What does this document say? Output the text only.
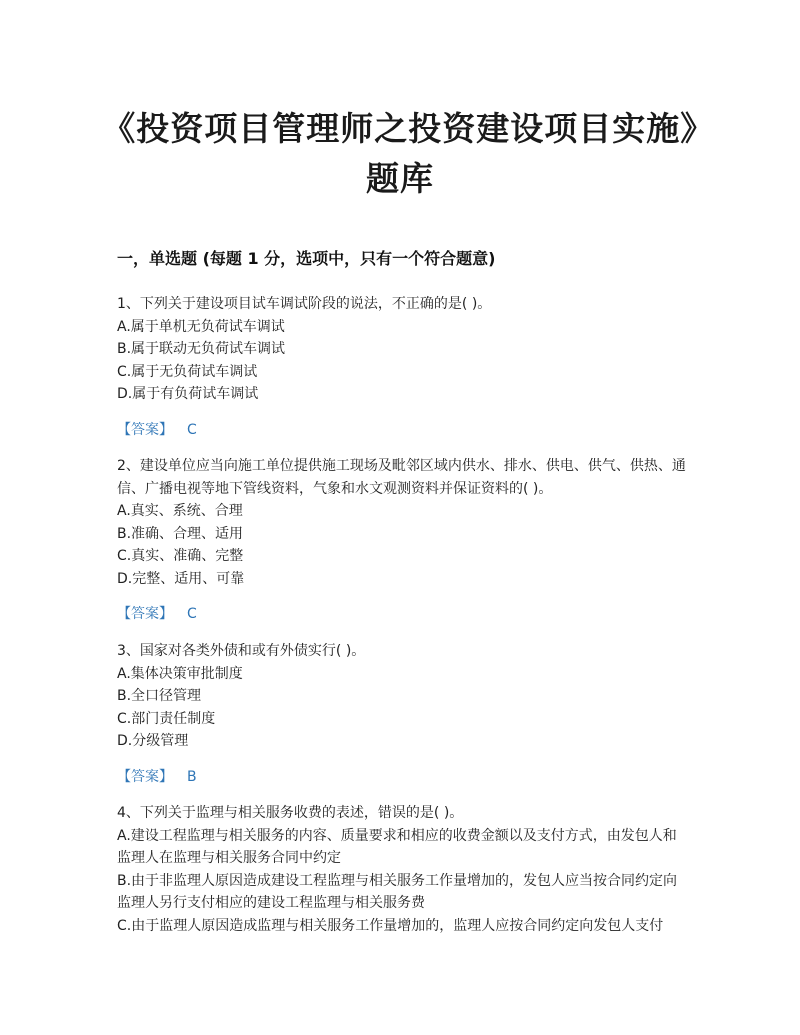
《投资项目管理师之投资建设项目实施》题库
一，单选题 (每题 1 分，选项中，只有一个符合题意)

1、下列关于建设项目试车调试阶段的说法，不正确的是( )。

A.属于单机无负荷试车调试

B.属于联动无负荷试车调试

C.属于无负荷试车调试

D.属于有负荷试车调试

【答案】 C

2、建设单位应当向施工单位提供施工现场及毗邻区域内供水、排水、供电、供气、供热、通信、广播电视等地下管线资料，气象和水文观测资料并保证资料的( )。

A.真实、系统、合理

B.准确、合理、适用

C.真实、准确、完整

D.完整、适用、可靠

【答案】 C

3、国家对各类外债和或有外债实行( )。

A.集体决策审批制度

B.全口径管理

C.部门责任制度

D.分级管理

【答案】 B

4、下列关于监理与相关服务收费的表述，错误的是( )。

A.建设工程监理与相关服务的内容、质量要求和相应的收费金额以及支付方式，由发包人和监理人在监理与相关服务合同中约定

B.由于非监理人原因造成建设工程监理与相关服务工作量增加的，发包人应当按合同约定向监理人另行支付相应的建设工程监理与相关服务费

C.由于监理人原因造成监理与相关服务工作量增加的，监理人应按合同约定向发包人支付
